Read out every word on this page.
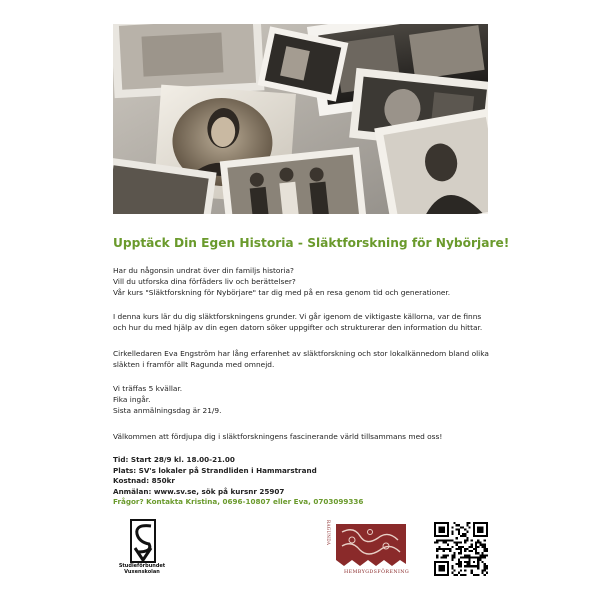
Upptäck Din Egen Historia - Släktforskning för Nybörjare!

Har du någonsin undrat över din familjs historia?

Vill du utforska dina förfäders liv och berättelser?

Vår kurs "Släktforskning för Nybörjare" tar dig med på en resa genom tid och generationer.

I denna kurs lär du dig släktforskningens grunder. Vi går igenom de viktigaste källorna, var de finns

och hur du med hjälp av din egen datorn söker uppgifter och strukturerar den information du hittar.

Cirkelledaren Eva Engström har lång erfarenhet av släktforskning och stor lokalkännedom bland olika

släkten i framför allt Ragunda med omnejd.

Vi träffas 5 kvällar.

Fika ingår.

Sista anmälningsdag är 21/9.

Välkommen att fördjupa dig i släktforskningens fascinerande värld tillsammans med oss!

Tid: Start 28/9 kl. 18.00-21.00

Plats: SV's lokaler på Strandliden i Hammarstrand

Kostnad: 850kr

Anmälan: www.sv.se, sök på kursnr 25907

Frågor? Kontakta Kristina, 0696-10807 eller Eva, 0703099336

Studieförbundet
Vuxenskolan
RAGUNDA
HEMBYGDSFÖRENING
